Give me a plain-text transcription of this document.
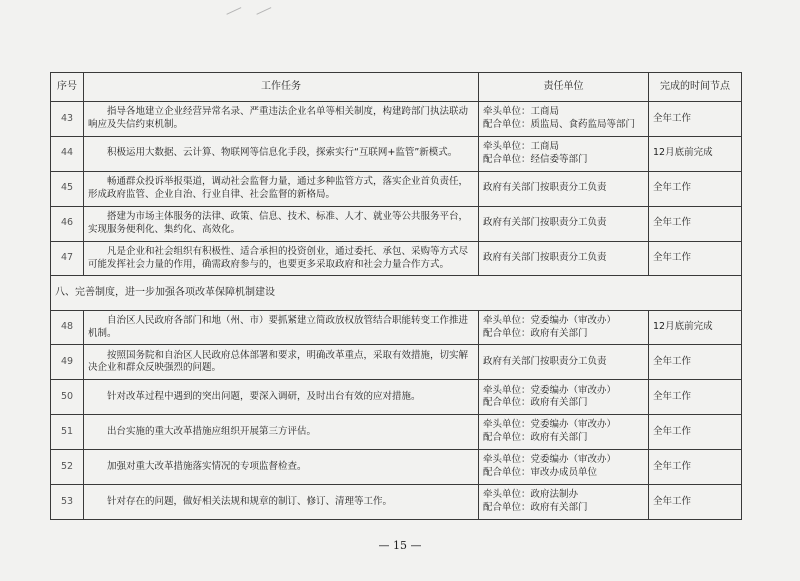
序号	工作任务	责任单位	完成的时间节点
43	指导各地建立企业经营异常名录、严重违法企业名单等相关制度，构建跨部门执法联动响应及失信约束机制。	牵头单位：工商局
配合单位：质监局、食药监局等部门	全年工作
44	积极运用大数据、云计算、物联网等信息化手段，探索实行“互联网+监管”新模式。	牵头单位：工商局
配合单位：经信委等部门	12月底前完成
45	畅通群众投诉举报渠道，调动社会监督力量，通过多种监管方式，落实企业首负责任，形成政府监管、企业自治、行业自律、社会监督的新格局。	政府有关部门按职责分工负责	全年工作
46	搭建为市场主体服务的法律、政策、信息、技术、标准、人才、就业等公共服务平台，实现服务便利化、集约化、高效化。	政府有关部门按职责分工负责	全年工作
47	凡是企业和社会组织有积极性、适合承担的投资创业，通过委托、承包、采购等方式尽可能发挥社会力量的作用，确需政府参与的，也要更多采取政府和社会力量合作方式。	政府有关部门按职责分工负责	全年工作
八、完善制度，进一步加强各项改革保障机制建设			
48	自治区人民政府各部门和地（州、市）要抓紧建立简政放权放管结合职能转变工作推进机制。	牵头单位：党委编办（审改办）
配合单位：政府有关部门	12月底前完成
49	按照国务院和自治区人民政府总体部署和要求，明确改革重点，采取有效措施，切实解决企业和群众反映强烈的问题。	政府有关部门按职责分工负责	全年工作
50	针对改革过程中遇到的突出问题，要深入调研，及时出台有效的应对措施。	牵头单位：党委编办（审改办）
配合单位：政府有关部门	全年工作
51	出台实施的重大改革措施应组织开展第三方评估。	牵头单位：党委编办（审改办）
配合单位：政府有关部门	全年工作
52	加强对重大改革措施落实情况的专项监督检查。	牵头单位：党委编办（审改办）
配合单位：审改办成员单位	全年工作
53	针对存在的问题，做好相关法规和规章的制订、修订、清理等工作。	牵头单位：政府法制办
配合单位：政府有关部门	全年工作
— 15 —
